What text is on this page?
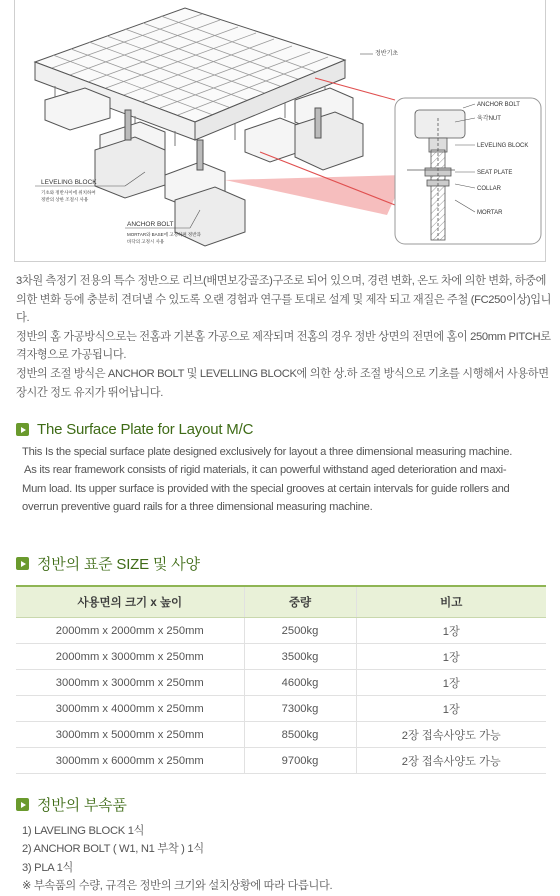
정반기초
ANCHOR BOLT
육각NUT
LEVELING BLOCK
SEAT PLATE
COLLAR
MORTAR
LEVELING BLOCK
기초와 정반사이에 위치하여
정반의 상한 조절시 사용
ANCHOR BOLT
MORTAR와 BASE에 고정하며 정반과
바닥의 고정시 사용

3차원 측정기 전용의 특수 정반으로 리브(배면보강골조)구조로 되어 있으며, 경련 변화, 온도 차에 의한 변화, 하중에

의한 변화 등에 충분히 견뎌낼 수 있도록 오랜 경험과 연구를 토대로 설계 및 제작 되고 재질은 주철 (FC250이상)입니다.

정반의 홈 가공방식으로는 전홈과 기본홈 가공으로 제작되며 전홈의 경우 정반 상면의 전면에 홈이 250mm PITCH로

격자형으로 가공됩니다.

정반의 조절 방식은 ANCHOR BOLT 및 LEVELLING BLOCK에 의한 상.하 조절 방식으로 기초를 시행해서 사용하면

장시간 정도 유지가 뛰어납니다.

The Surface Plate for Layout M/C

This Is the special surface plate designed exclusively for layout a three dimensional measuring machine.

As its rear framework consists of rigid materials, it can powerful withstand aged deterioration and maxi-

Mum load. Its upper surface is provided with the special grooves at certain intervals for guide rollers and

overrun preventive guard rails for a three dimensional measuring machine.

정반의 표준 SIZE 및 사양
사용면의 크기 x 높이	중량	비고
2000mm x 2000mm x 250mm	2500kg	1장
2000mm x 3000mm x 250mm	3500kg	1장
3000mm x 3000mm x 250mm	4600kg	1장
3000mm x 4000mm x 250mm	7300kg	1장
3000mm x 5000mm x 250mm	8500kg	2장 접속사양도 가능
3000mm x 6000mm x 250mm	9700kg	2장 접속사양도 가능
정반의 부속품

1) LAVELING BLOCK 1식

2) ANCHOR BOLT ( W1, N1 부착 ) 1식

3) PLA 1식

※ 부속품의 수량, 규격은 정반의 크기와 설치상황에 따라 다릅니다.
